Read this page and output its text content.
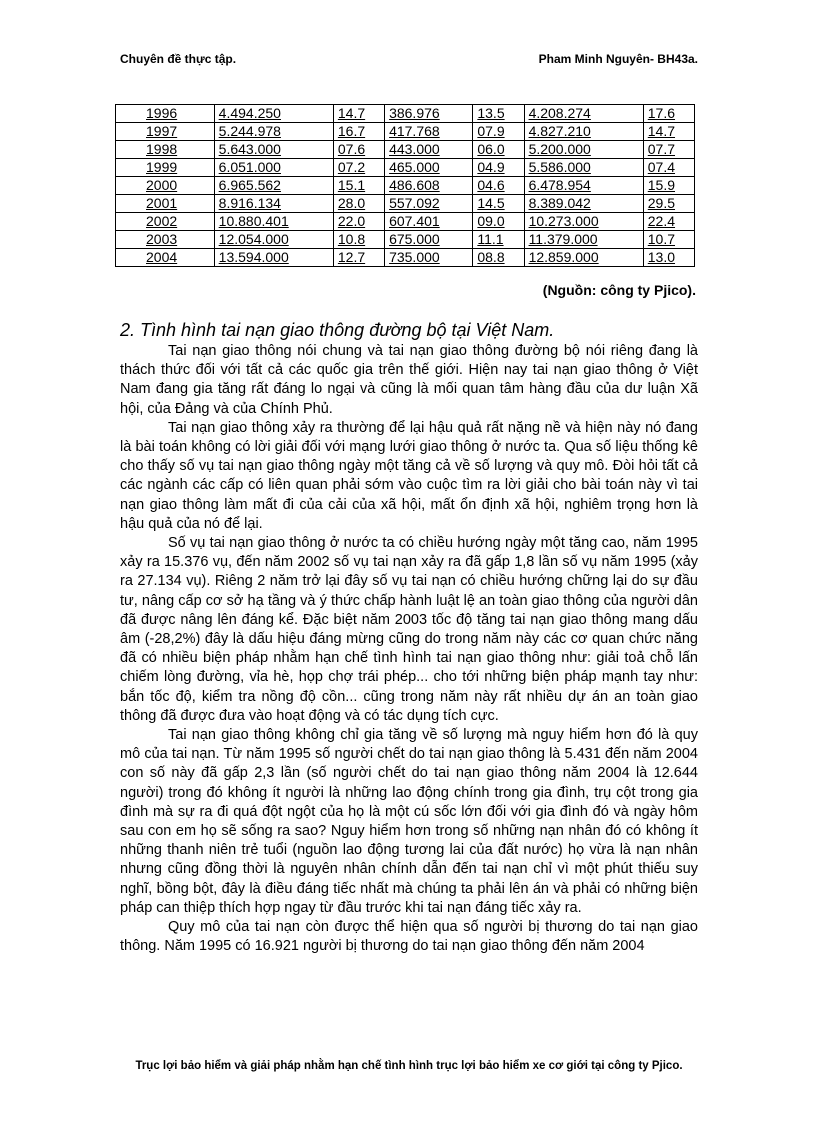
Chuyên đề thực tập.	Pham Minh Nguyên- BH43a.
1996	4.494.250	14.7	386.976	13.5	4.208.274	17.6
1997	5.244.978	16.7	417.768	07.9	4.827.210	14.7
1998	5.643.000	07.6	443.000	06.0	5.200.000	07.7
1999	6.051.000	07.2	465.000	04.9	5.586.000	07.4
2000	6.965.562	15.1	486.608	04.6	6.478.954	15.9
2001	8.916.134	28.0	557.092	14.5	8.389.042	29.5
2002	10.880.401	22.0	607.401	09.0	10.273.000	22.4
2003	12.054.000	10.8	675.000	11.1	11.379.000	10.7
2004	13.594.000	12.7	735.000	08.8	12.859.000	13.0
(Nguồn: công ty Pjico).
2. Tình hình tai nạn giao thông đường bộ tại Việt Nam.

Tai nạn giao thông nói chung và tai nạn giao thông đường bộ nói riêng đang là thách thức đối với tất cả các quốc gia trên thế giới. Hiện nay tai nạn giao thông ở Việt Nam đang gia tăng rất đáng lo ngại và cũng là mối quan tâm hàng đầu của dư luận Xã hội, của Đảng và của Chính Phủ.

Tai nạn giao thông xảy ra thường để lại hậu quả rất nặng nề và hiện này nó đang là bài toán không có lời giải đối với mạng lưới giao thông ở nước ta. Qua số liệu thống kê cho thấy số vụ tai nạn giao thông ngày một tăng cả về số lượng và quy mô. Đòi hỏi tất cả các ngành các cấp có liên quan phải sớm vào cuộc tìm ra lời giải cho bài toán này vì tai nạn giao thông làm mất đi của cải của xã hội, mất ổn định xã hội, nghiêm trọng hơn là hậu quả của nó để lại.

Số vụ tai nạn giao thông ở nước ta có chiều hướng ngày một tăng cao, năm 1995 xảy ra 15.376 vụ, đến năm 2002 số vụ tai nạn xảy ra đã gấp 1,8 lần số vụ năm 1995 (xảy ra 27.134 vụ). Riêng 2 năm trở lại đây số vụ tai nạn có chiều hướng chững lại do sự đầu tư, nâng cấp cơ sở hạ tầng và ý thức chấp hành luật lệ an toàn giao thông của người dân đã được nâng lên đáng kể. Đặc biệt năm 2003 tốc độ tăng tai nạn giao thông mang dấu âm (-28,2%) đây là dấu hiệu đáng mừng cũng do trong năm này các cơ quan chức năng đã có nhiều biện pháp nhằm hạn chế tình hình tai nạn giao thông như: giải toả chỗ lấn chiếm lòng đường, vỉa hè, họp chợ trái phép... cho tới những biện pháp mạnh tay như: bắn tốc độ, kiểm tra nồng độ cồn... cũng trong năm này rất nhiều dự án an toàn giao thông đã được đưa vào hoạt động và có tác dụng tích cực.

Tai nạn giao thông không chỉ gia tăng về số lượng mà nguy hiểm hơn đó là quy mô của tai nạn. Từ năm 1995 số người chết do tai nạn giao thông là 5.431 đến năm 2004 con số này đã gấp 2,3 lần (số người chết do tai nạn giao thông năm 2004 là 12.644 người) trong đó không ít người là những lao động chính trong gia đình, trụ cột trong gia đình mà sự ra đi quá đột ngột của họ là một cú sốc lớn đối với gia đình đó và ngày hôm sau con em họ sẽ sống ra sao? Nguy hiểm hơn trong số những nạn nhân đó có không ít những thanh niên trẻ tuổi (nguồn lao động tương lai của đất nước) họ vừa là nạn nhân nhưng cũng đồng thời là nguyên nhân chính dẫn đến tai nạn chỉ vì một phút thiếu suy nghĩ, bồng bột, đây là điều đáng tiếc nhất mà chúng ta phải lên án và phải có những biện pháp can thiệp thích hợp ngay từ đầu trước khi tai nạn đáng tiếc xảy ra.

Quy mô của tai nạn còn được thể hiện qua số người bị thương do tai nạn giao thông. Năm 1995 có 16.921 người bị thương do tai nạn giao thông đến năm 2004

Trục lợi bảo hiểm và giải pháp nhằm hạn chế tình hình trục lợi bảo hiểm xe cơ giới tại công ty Pjico.
